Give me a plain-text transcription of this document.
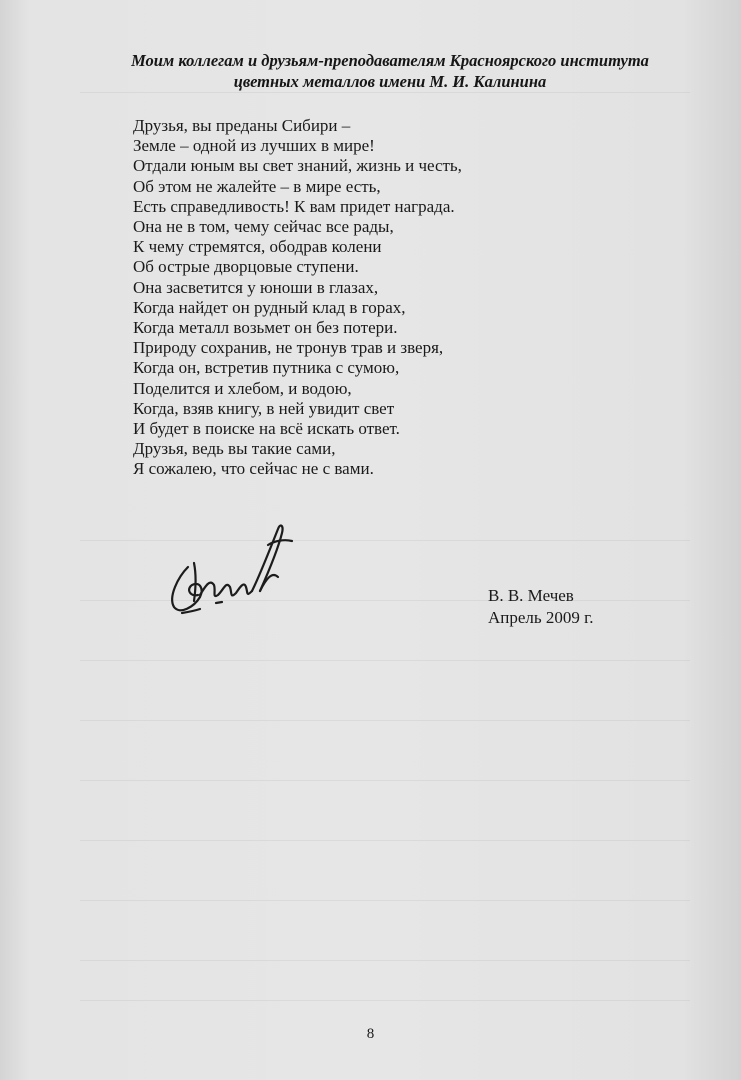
Моим коллегам и друзьям-преподавателям Красноярского института
цветных металлов имени М. И. Калинина
Друзья, вы преданы Сибири –
Земле – одной из лучших в мире!
Отдали юным вы свет знаний, жизнь и честь,
Об этом не жалейте – в мире есть,
Есть справедливость! К вам придет награда.
Она не в том, чему сейчас все рады,
К чему стремятся, ободрав колени
Об острые дворцовые ступени.
Она засветится у юноши в глазах,
Когда найдет он рудный клад в горах,
Когда металл возьмет он без потери.
Природу сохранив, не тронув трав и зверя,
Когда он, встретив путника с сумою,
Поделится и хлебом, и водою,
Когда, взяв книгу, в ней увидит свет
И будет в поиске на всё искать ответ.
Друзья, ведь вы такие сами,
Я сожалею, что сейчас не с вами.
В. В. Мечев
Апрель 2009 г.
8
